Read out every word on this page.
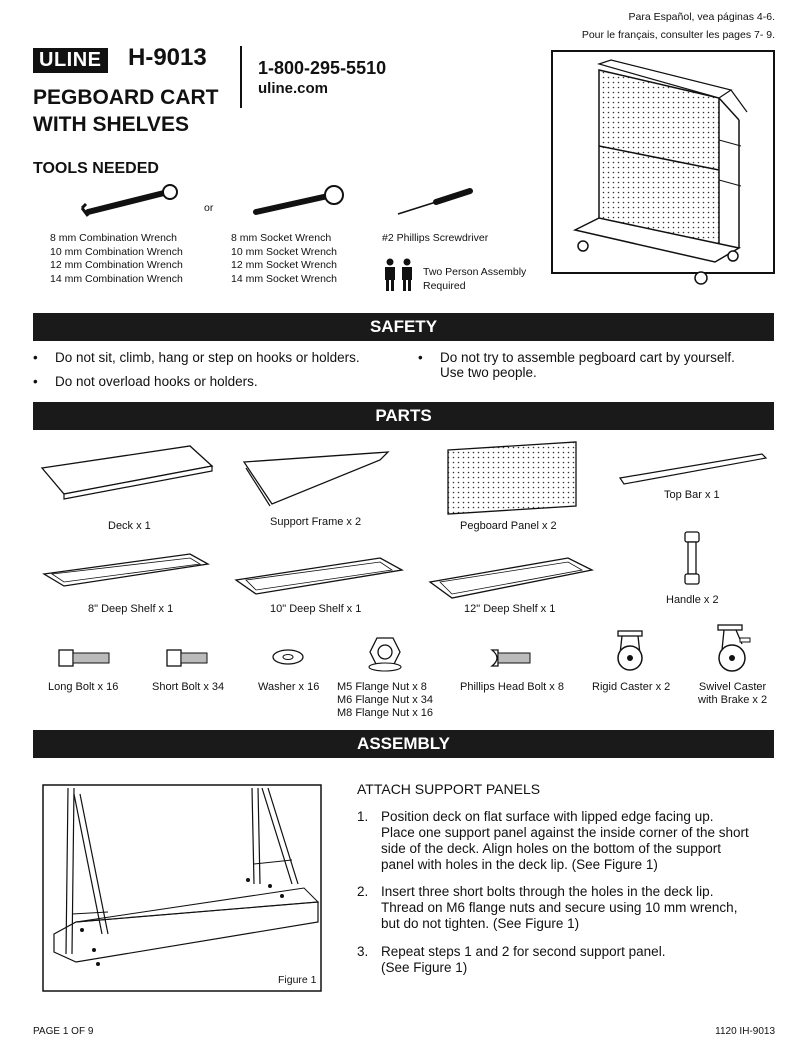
Para Español, vea páginas 4-6.
Pour le français, consulter les pages 7- 9.
ULINE H-9013
PEGBOARD CART
WITH SHELVES
1-800-295-5510
uline.com
TOOLS NEEDED
or
8 mm Combination Wrench
10 mm Combination Wrench
12 mm Combination Wrench
14 mm Combination Wrench
8 mm Socket Wrench
10 mm Socket Wrench
12 mm Socket Wrench
14 mm Socket Wrench
#2 Phillips Screwdriver
Two Person Assembly
Required
SAFETY
• Do not sit, climb, hang or step on hooks or holders.
• Do not overload hooks or holders.
• Do not try to assemble pegboard cart by yourself.
Use two people.
PARTS
Deck x 1	Support Frame x 2	Pegboard Panel x 2
Top Bar x 1
8" Deep Shelf x 1	10" Deep Shelf x 1	12" Deep Shelf x 1
Handle x 2
Long Bolt x 16	Short Bolt x 34	Washer x 16 M5 Flange Nut x 8
M6 Flange Nut x 34
M8 Flange Nut x 16
Phillips Head Bolt x 8	Rigid Caster x 2	Swivel Caster
with Brake x 2
ASSEMBLY
Figure 1
ATTACH SUPPORT PANELS
1. Position deck on flat surface with lipped edge facing up.
Place one support panel against the inside corner of the short
side of the deck. Align holes on the bottom of the support
panel with holes in the deck lip. (See Figure 1)
2. Insert three short bolts through the holes in the deck lip.
Thread on M6 flange nuts and secure using 10 mm wrench,
but do not tighten. (See Figure 1)
3. Repeat steps 1 and 2 for second support panel.
(See Figure 1)
PAGE 1 OF 9	1120 IH-9013
